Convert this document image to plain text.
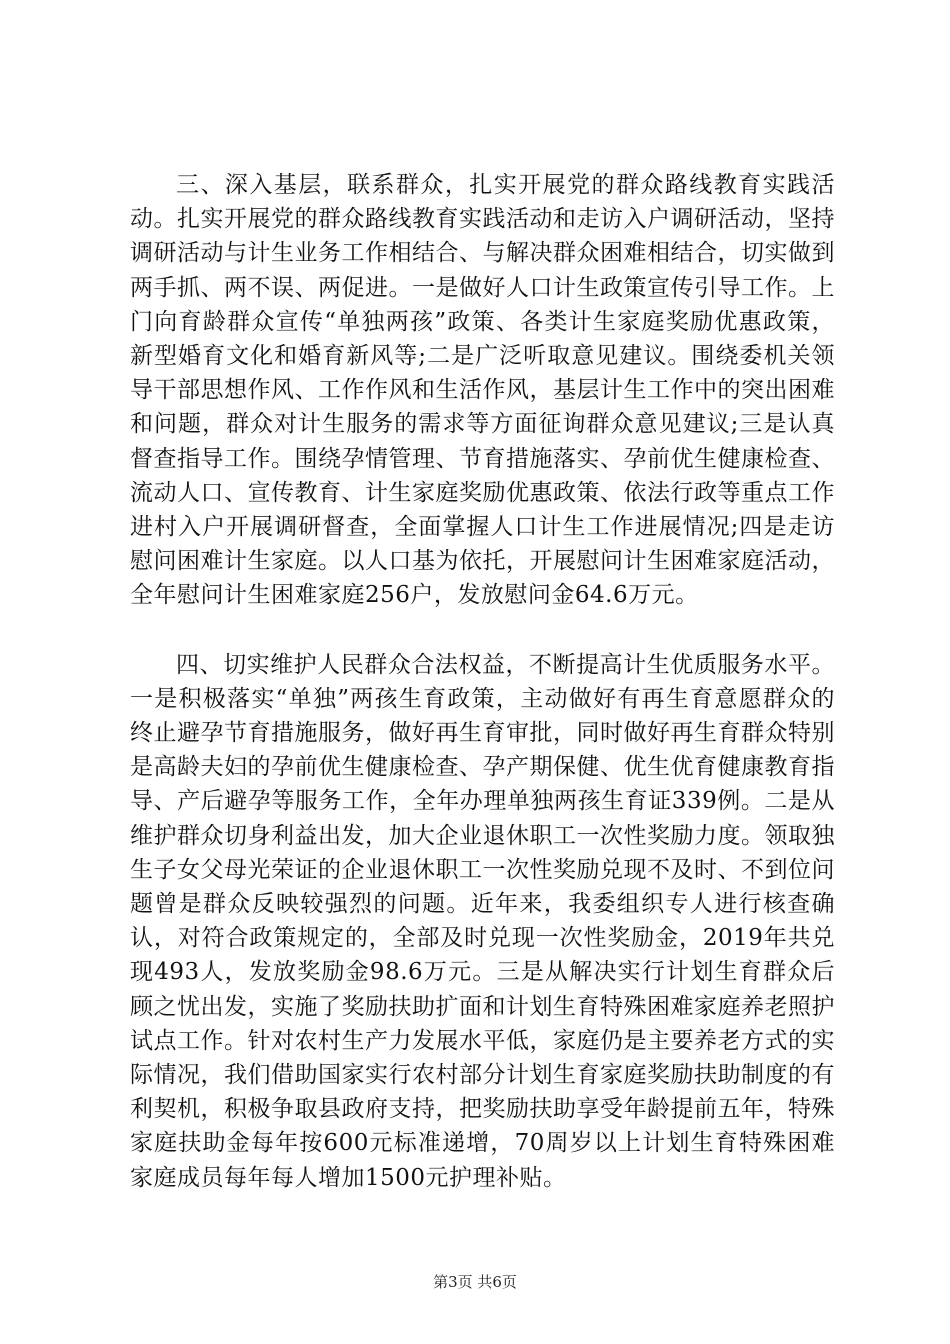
三、深入基层，联系群众，扎实开展党的群众路线教育实践活动。扎实开展党的群众路线教育实践活动和走访入户调研活动，坚持调研活动与计生业务工作相结合、与解决群众困难相结合，切实做到两手抓、两不误、两促进。一是做好人口计生政策宣传引导工作。上门向育龄群众宣传“单独两孩”政策、各类计生家庭奖励优惠政策，新型婚育文化和婚育新风等;二是广泛听取意见建议。围绕委机关领导干部思想作风、工作作风和生活作风，基层计生工作中的突出困难和问题，群众对计生服务的需求等方面征询群众意见建议;三是认真督查指导工作。围绕孕情管理、节育措施落实、孕前优生健康检查、流动人口、宣传教育、计生家庭奖励优惠政策、依法行政等重点工作进村入户开展调研督查，全面掌握人口计生工作进展情况;四是走访慰问困难计生家庭。以人口基为依托，开展慰问计生困难家庭活动，全年慰问计生困难家庭256户，发放慰问金64.6万元。

四、切实维护人民群众合法权益，不断提高计生优质服务水平。一是积极落实“单独”两孩生育政策，主动做好有再生育意愿群众的终止避孕节育措施服务，做好再生育审批，同时做好再生育群众特别是高龄夫妇的孕前优生健康检查、孕产期保健、优生优育健康教育指导、产后避孕等服务工作，全年办理单独两孩生育证339例。二是从维护群众切身利益出发，加大企业退休职工一次性奖励力度。领取独生子女父母光荣证的企业退休职工一次性奖励兑现不及时、不到位问题曾是群众反映较强烈的问题。近年来，我委组织专人进行核查确认，对符合政策规定的，全部及时兑现一次性奖励金，2019年共兑现493人，发放奖励金98.6万元。三是从解决实行计划生育群众后顾之忧出发，实施了奖励扶助扩面和计划生育特殊困难家庭养老照护试点工作。针对农村生产力发展水平低，家庭仍是主要养老方式的实际情况，我们借助国家实行农村部分计划生育家庭奖励扶助制度的有利契机，积极争取县政府支持，把奖励扶助享受年龄提前五年，特殊家庭扶助金每年按600元标准递增，70周岁以上计划生育特殊困难家庭成员每年每人增加1500元护理补贴。

第3页 共6页
